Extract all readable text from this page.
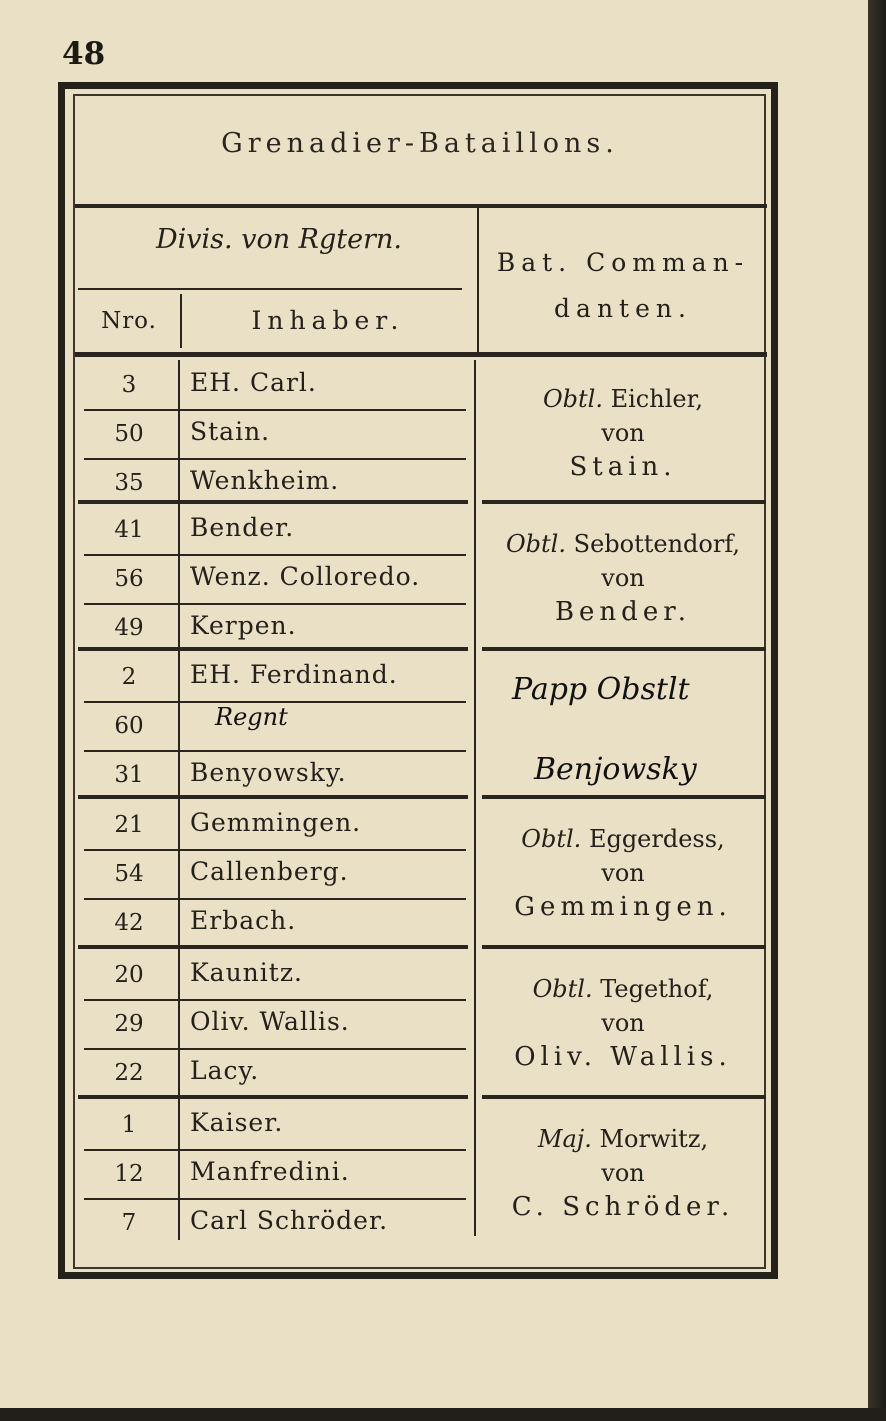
48
Grenadier-Bataillons.
Divis. von Rgtern.
Bat. Comman-
danten.
Nro.	Inhaber.
3	EH. Carl.
50	Stain.
35	Wenkheim.
Obtl. Eichler,
von
Stain.
41	Bender.
56	Wenz. Colloredo.
49	Kerpen.
Obtl. Sebottendorf,
von
Bender.
2	EH. Ferdinand.
60	Regnt
31	Benyowsky.
Papp Obstlt
Benjowsky
21	Gemmingen.
54	Callenberg.
42	Erbach.
Obtl. Eggerdess,
von
Gemmingen.
20	Kaunitz.
29	Oliv. Wallis.
22	Lacy.
Obtl. Tegethof,
von
Oliv. Wallis.
1	Kaiser.
12	Manfredini.
7	Carl Schröder.
Maj. Morwitz,
von
C. Schröder.
